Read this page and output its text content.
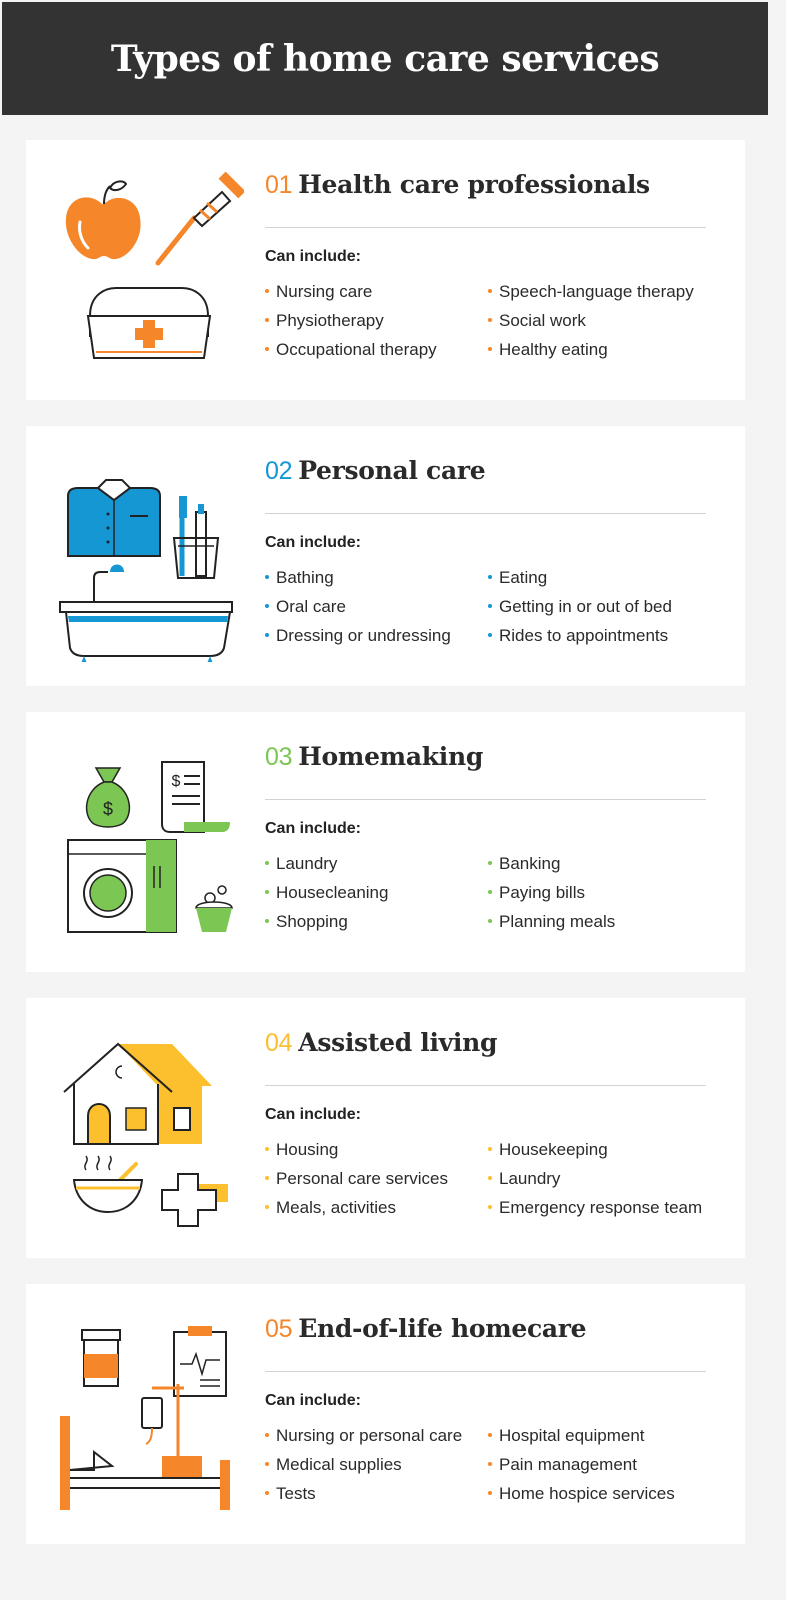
Types of home care services
01 Health care professionals
Can include:
Nursing care
Physiotherapy
Occupational therapy
Speech-language therapy
Social work
Healthy eating
02 Personal care
Can include:
Bathing
Oral care
Dressing or undressing
Eating
Getting in or out of bed
Rides to appointments
$
$
03 Homemaking
Can include:
Laundry
Housecleaning
Shopping
Banking
Paying bills
Planning meals
04 Assisted living
Can include:
Housing
Personal care services
Meals, activities
Housekeeping
Laundry
Emergency response team
05 End-of-life homecare
Can include:
Nursing or personal care
Medical supplies
Tests
Hospital equipment
Pain management
Home hospice services
